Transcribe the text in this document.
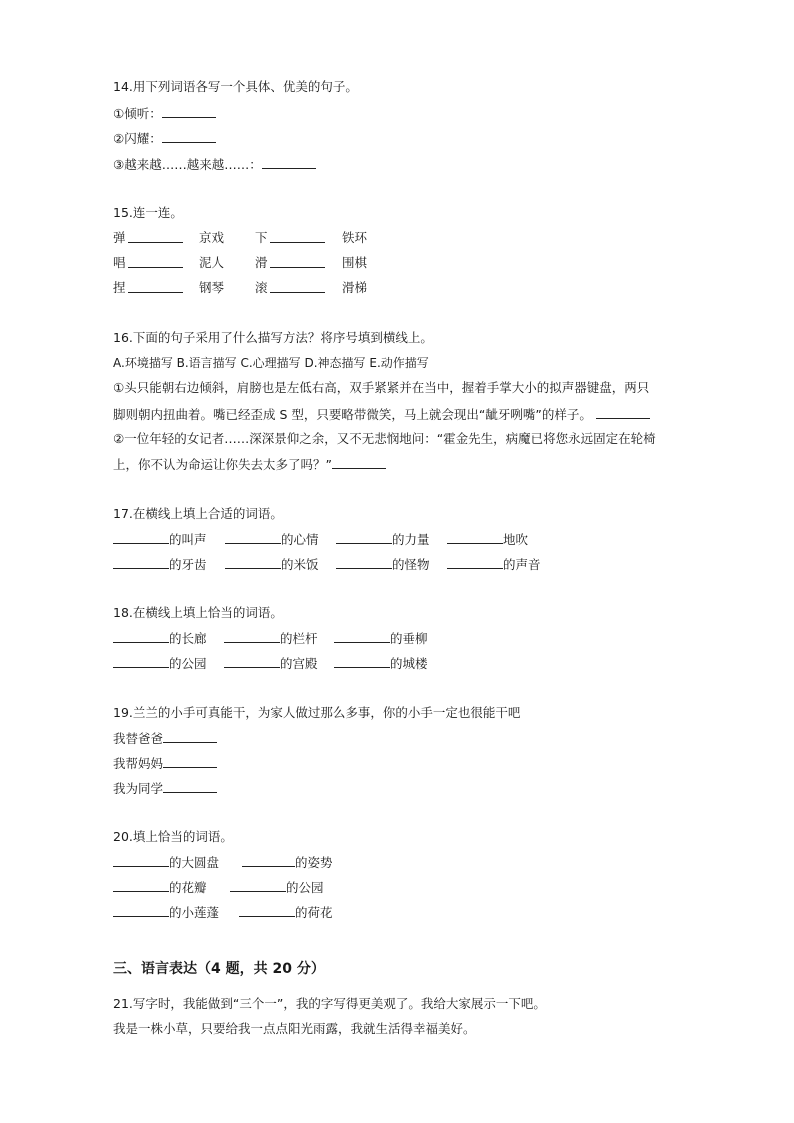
14.用下列词语各写一个具体、优美的句子。
①倾听：
②闪耀：
③越来越……越来越……：
15.连一连。
弹	京戏 下	铁环
唱	泥人 滑	围棋
捏	钢琴 滚	滑梯
16.下面的句子采用了什么描写方法？将序号填到横线上。
A.环境描写 B.语言描写 C.心理描写 D.神态描写 E.动作描写
①头只能朝右边倾斜，肩膀也是左低右高，双手紧紧并在当中，握着手掌大小的拟声器键盘，两只
脚则朝内扭曲着。嘴已经歪成 S 型，只要略带微笑，马上就会现出“龇牙咧嘴”的样子。
②一位年轻的女记者……深深景仰之余，又不无悲悯地问：“霍金先生，病魔已将您永远固定在轮椅
上，你不认为命运让你失去太多了吗？”
17.在横线上填上合适的词语。
的叫声	的心情	的力量	地吹
的牙齿	的米饭	的怪物	的声音
18.在横线上填上恰当的词语。
的长廊	的栏杆	的垂柳
的公园	的宫殿	的城楼
19.兰兰的小手可真能干，为家人做过那么多事，你的小手一定也很能干吧
我替爸爸
我帮妈妈
我为同学
20.填上恰当的词语。
的大圆盘	的姿势
的花瓣	的公园
的小莲蓬	的荷花
三、语言表达（4 题，共 20 分）
21.写字时，我能做到“三个一”，我的字写得更美观了。我给大家展示一下吧。
我是一株小草，只要给我一点点阳光雨露，我就生活得幸福美好。
